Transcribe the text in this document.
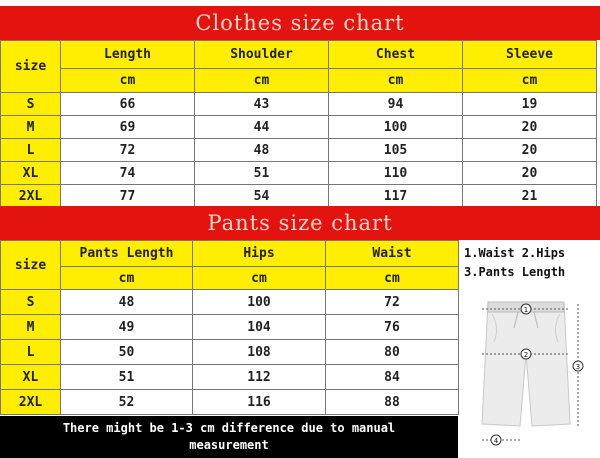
Clothes size chart
size	Length	Shoulder	Chest	Sleeve
	cm	cm	cm	cm
S	66	43	94	19
M	69	44	100	20
L	72	48	105	20
XL	74	51	110	20
2XL	77	54	117	21
Pants size chart
size	Pants Length	Hips	Waist
	cm	cm	cm
S	48	100	72
M	49	104	76
L	50	108	80
XL	51	112	84
2XL	52	116	88
There might be 1-3 cm difference due to manual
measurement
1.Waist 2.Hips
3.Pants Length
1
2
3
4
